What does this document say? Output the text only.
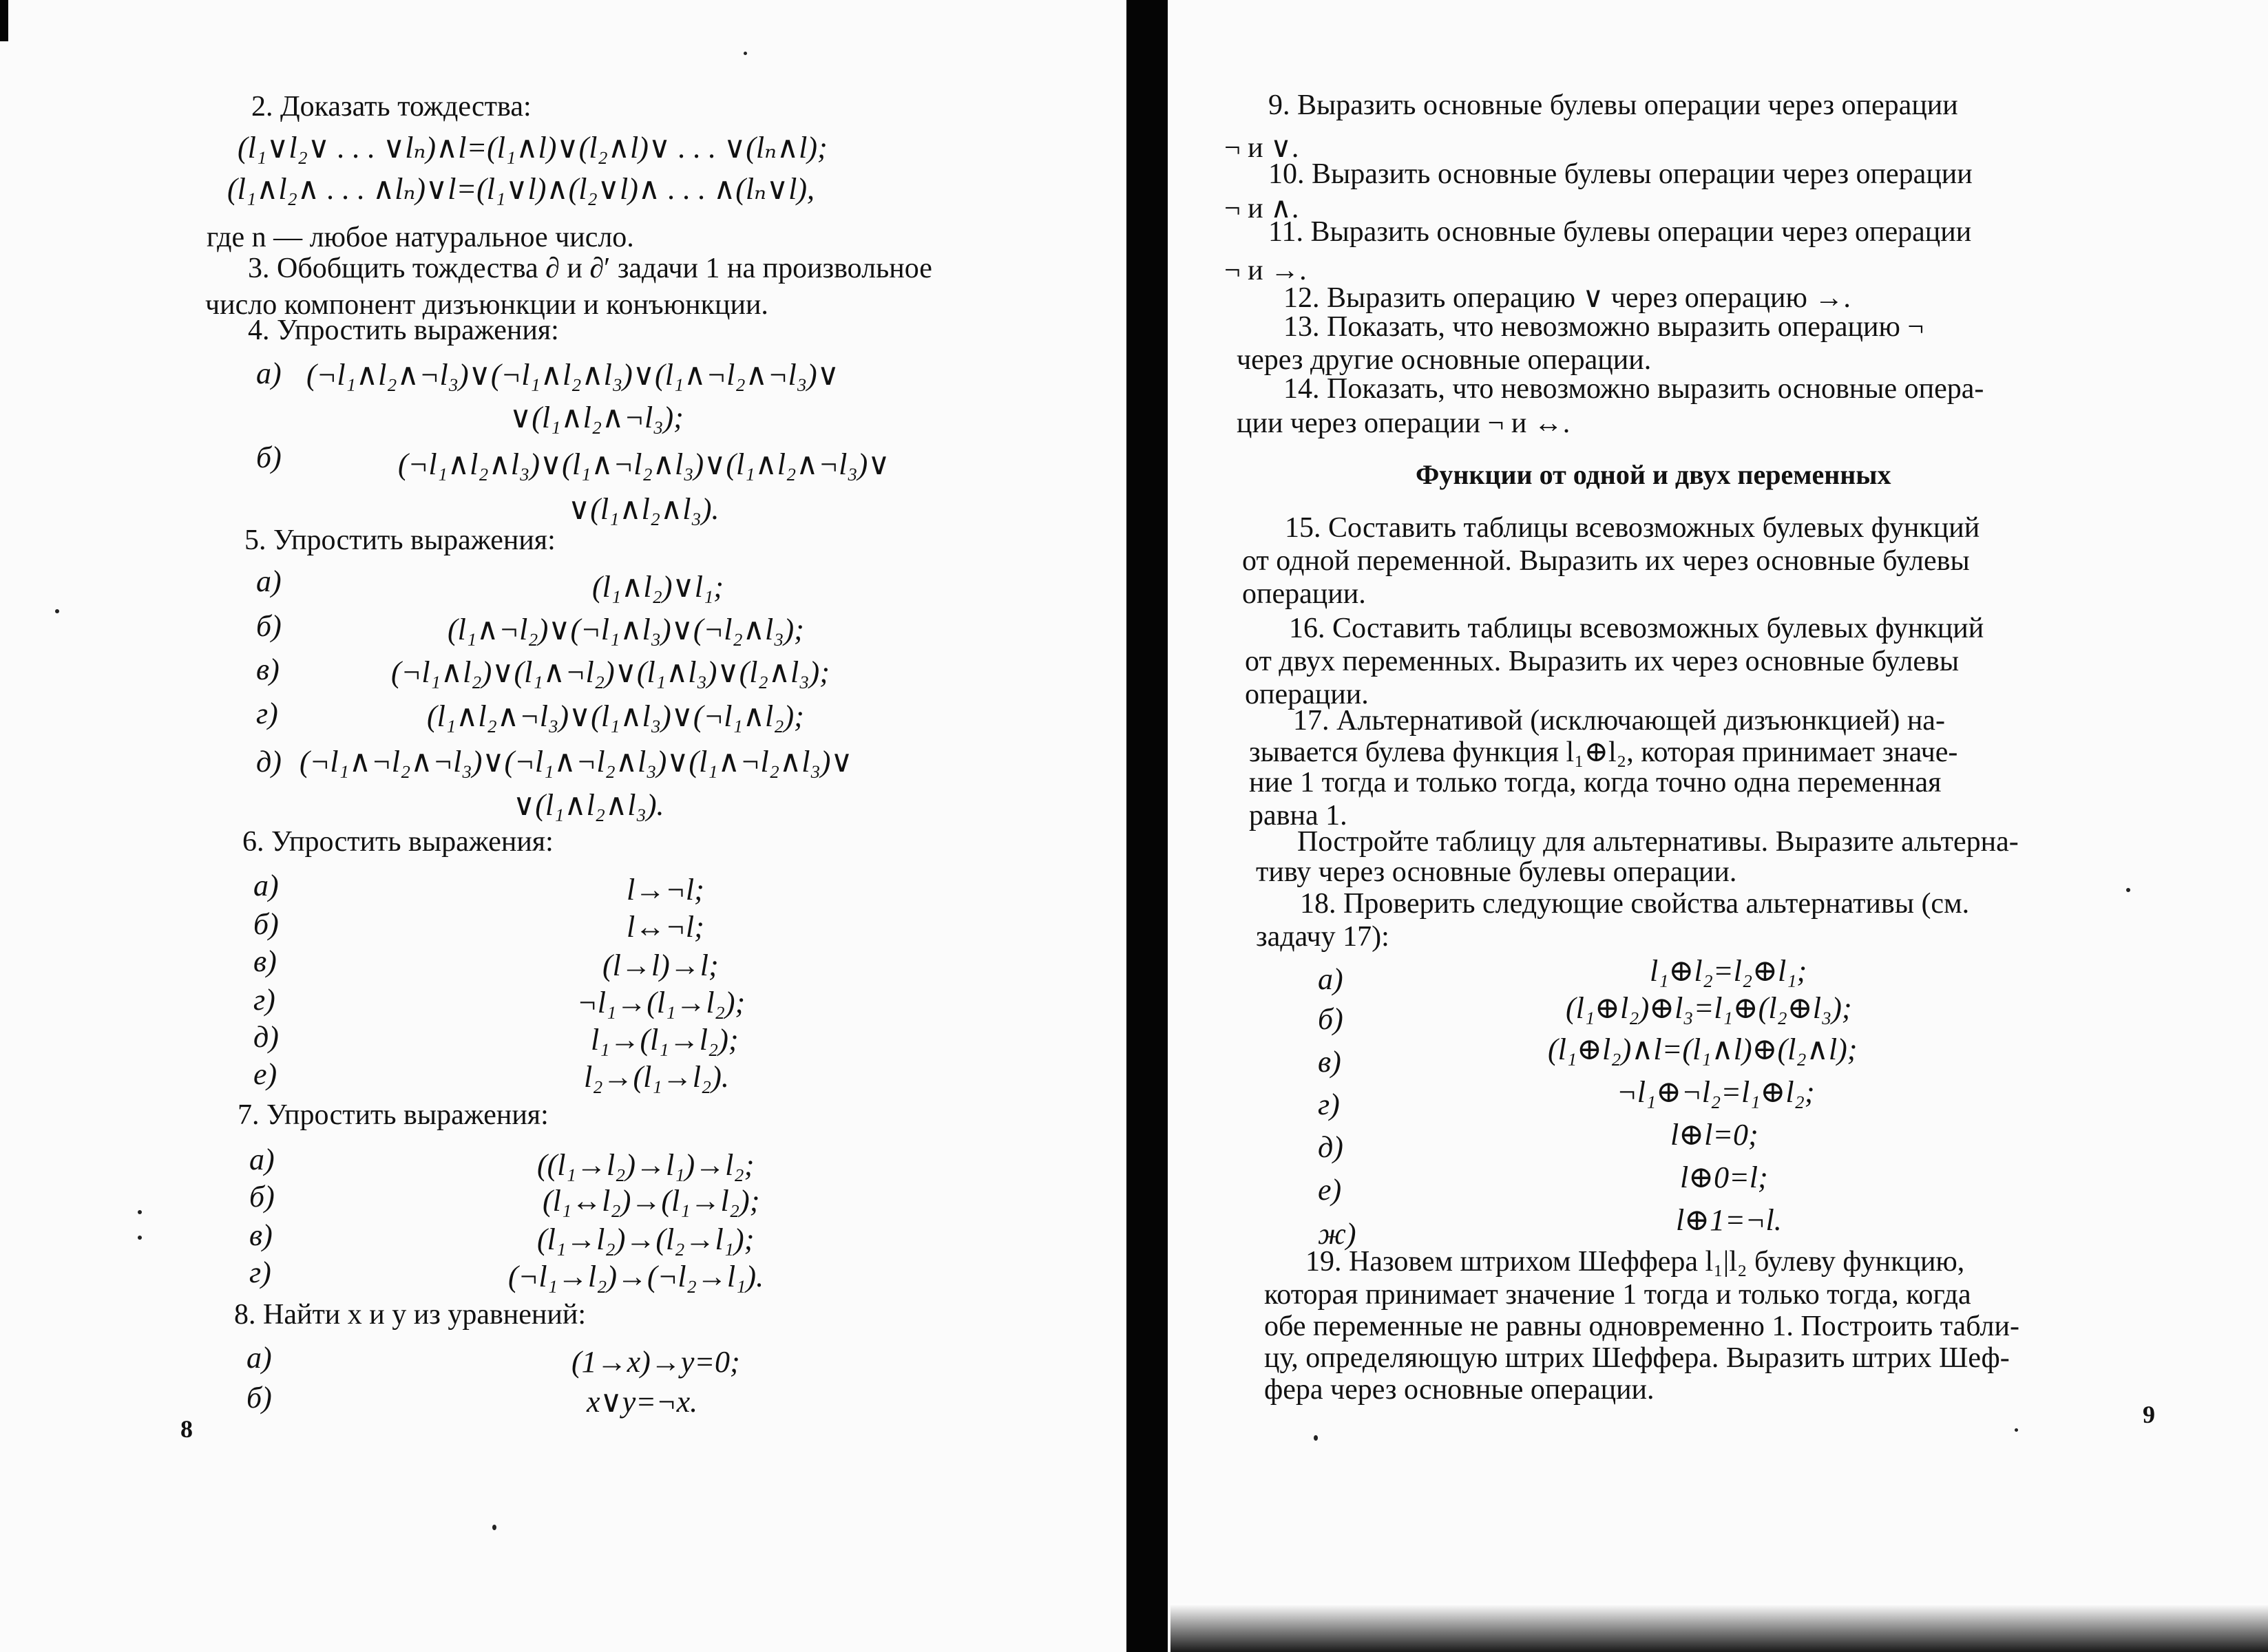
2. Доказать тождества:
(l₁∨l₂∨ . . . ∨lₙ)∧l=(l₁∧l)∨(l₂∧l)∨ . . . ∨(lₙ∧l);
(l₁∧l₂∧ . . . ∧lₙ)∨l=(l₁∨l)∧(l₂∨l)∧ . . . ∧(lₙ∨l),
где n — любое натуральное число.
3. Обобщить тождества ∂ и ∂′ задачи 1 на произвольное
число компонент дизъюнкции и конъюнкции.
4. Упростить выражения:
а) (¬l₁∧l₂∧¬l₃)∨(¬l₁∧l₂∧l₃)∨(l₁∧¬l₂∧¬l₃)∨
∨(l₁∧l₂∧¬l₃);
б)	(¬l₁∧l₂∧l₃)∨(l₁∧¬l₂∧l₃)∨(l₁∧l₂∧¬l₃)∨
∨(l₁∧l₂∧l₃).
5. Упростить выражения:
а)	(l₁∧l₂)∨l₁;
б)	(l₁∧¬l₂)∨(¬l₁∧l₃)∨(¬l₂∧l₃);
в)	(¬l₁∧l₂)∨(l₁∧¬l₂)∨(l₁∧l₃)∨(l₂∧l₃);
г)	(l₁∧l₂∧¬l₃)∨(l₁∧l₃)∨(¬l₁∧l₂);
д) (¬l₁∧¬l₂∧¬l₃)∨(¬l₁∧¬l₂∧l₃)∨(l₁∧¬l₂∧l₃)∨
∨(l₁∧l₂∧l₃).
6. Упростить выражения:
а)	l→¬l;
б)	l↔¬l;
в)	(l→l)→l;
г)	¬l₁→(l₁→l₂);
д)	l₁→(l₁→l₂);
е)	l₂→(l₁→l₂).
7. Упростить выражения:
а)	((l₁→l₂)→l₁)→l₂;
б)	(l₁↔l₂)→(l₁→l₂);
в)	(l₁→l₂)→(l₂→l₁);
г)	(¬l₁→l₂)→(¬l₂→l₁).
8. Найти x и y из уравнений:
а)	(1→x)→y=0;
б)	x∨y=¬x.
8
9. Выразить основные булевы операции через операции
¬ и ∨.
10. Выразить основные булевы операции через операции
¬ и ∧.
11. Выразить основные булевы операции через операции
¬ и →.
12. Выразить операцию ∨ через операцию →.
13. Показать, что невозможно выразить операцию ¬
через другие основные операции.
14. Показать, что невозможно выразить основные опера-
ции через операции ¬ и ↔.
Функции от одной и двух переменных
15. Составить таблицы всевозможных булевых функций
от одной переменной. Выразить их через основные булевы
операции.
16. Составить таблицы всевозможных булевых функций
от двух переменных. Выразить их через основные булевы
операции.
17. Альтернативой (исключающей дизъюнкцией) на-
зывается булева функция l₁⊕l₂, которая принимает значе-
ние 1 тогда и только тогда, когда точно одна переменная
равна 1.
Постройте таблицу для альтернативы. Выразите альтерна-
тиву через основные булевы операции.
18. Проверить следующие свойства альтернативы (см.
задачу 17):
а)	l₁⊕l₂=l₂⊕l₁;
б)	(l₁⊕l₂)⊕l₃=l₁⊕(l₂⊕l₃);
в)	(l₁⊕l₂)∧l=(l₁∧l)⊕(l₂∧l);
г)	¬l₁⊕¬l₂=l₁⊕l₂;
д)	l⊕l=0;
е)	l⊕0=l;
ж)	l⊕1=¬l.
19. Назовем штрихом Шеффера l₁|l₂ булеву функцию,
которая принимает значение 1 тогда и только тогда, когда
обе переменные не равны одновременно 1. Построить табли-
цу, определяющую штрих Шеффера. Выразить штрих Шеф-
фера через основные операции.
9
